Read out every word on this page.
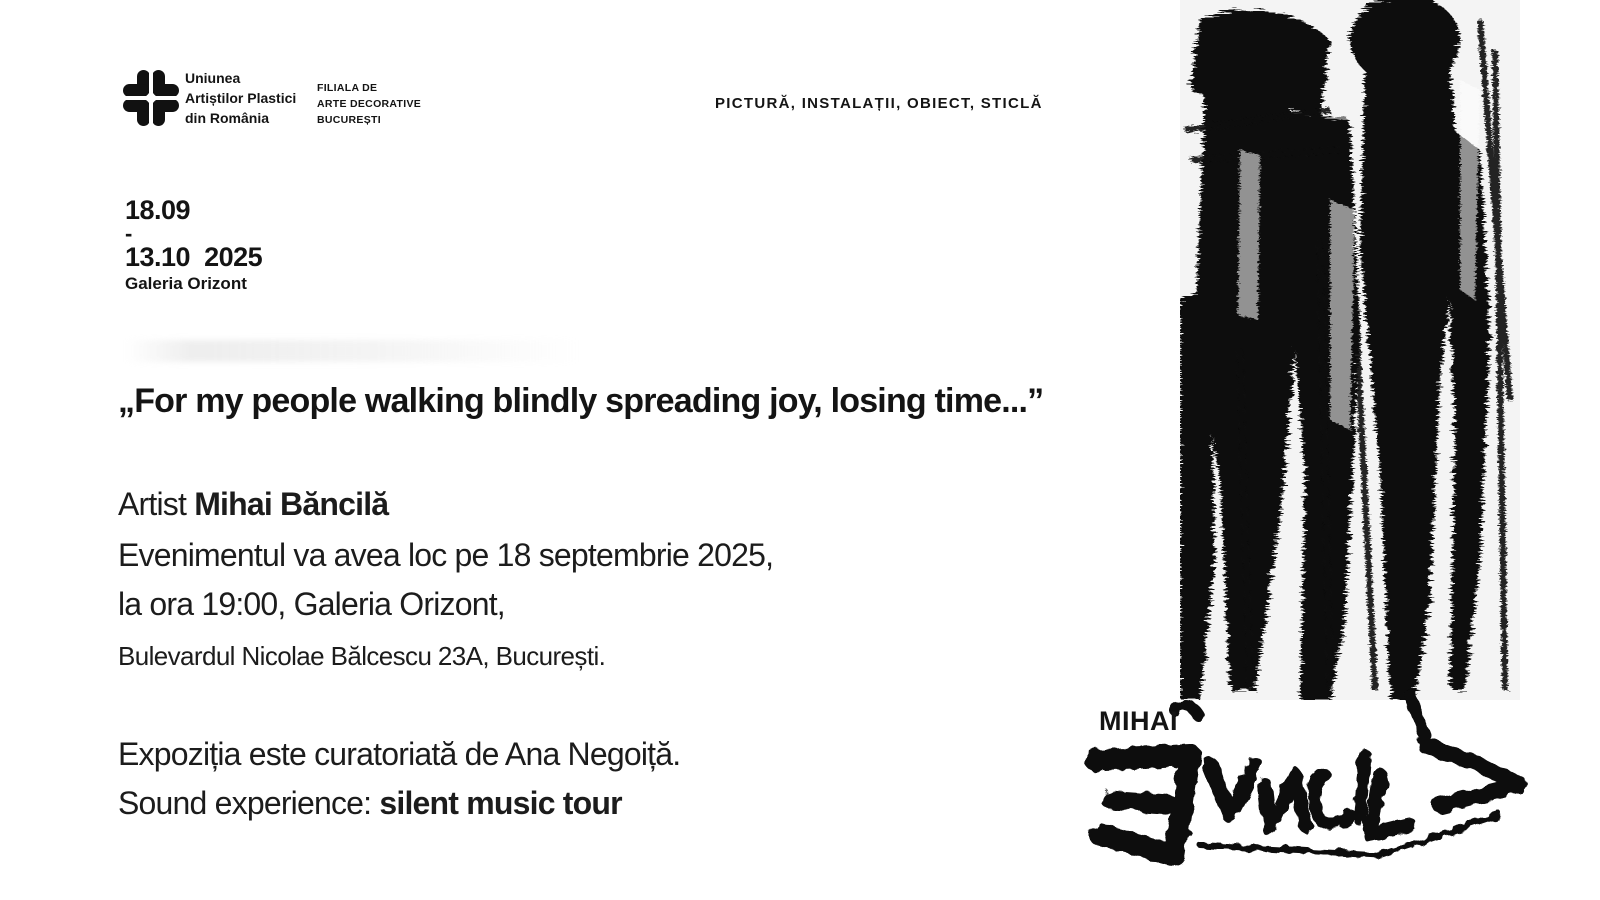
Uniunea
Artiștilor Plastici
din România
FILIALA DE
ARTE DECORATIVE
BUCUREȘTI
PICTURĂ, INSTALAȚII, OBIECT, STICLĂ
18.09
-
13.10  2025
Galeria Orizont
„For my people walking blindly spreading joy, losing time...”
Artist Mihai Băncilă
Evenimentul va avea loc pe 18 septembrie 2025,
la ora 19:00, Galeria Orizont,
Bulevardul Nicolae Bălcescu 23A, București.
Expoziția este curatoriată de Ana Negoiță.
Sound experience: silent music tour
MIHAI
